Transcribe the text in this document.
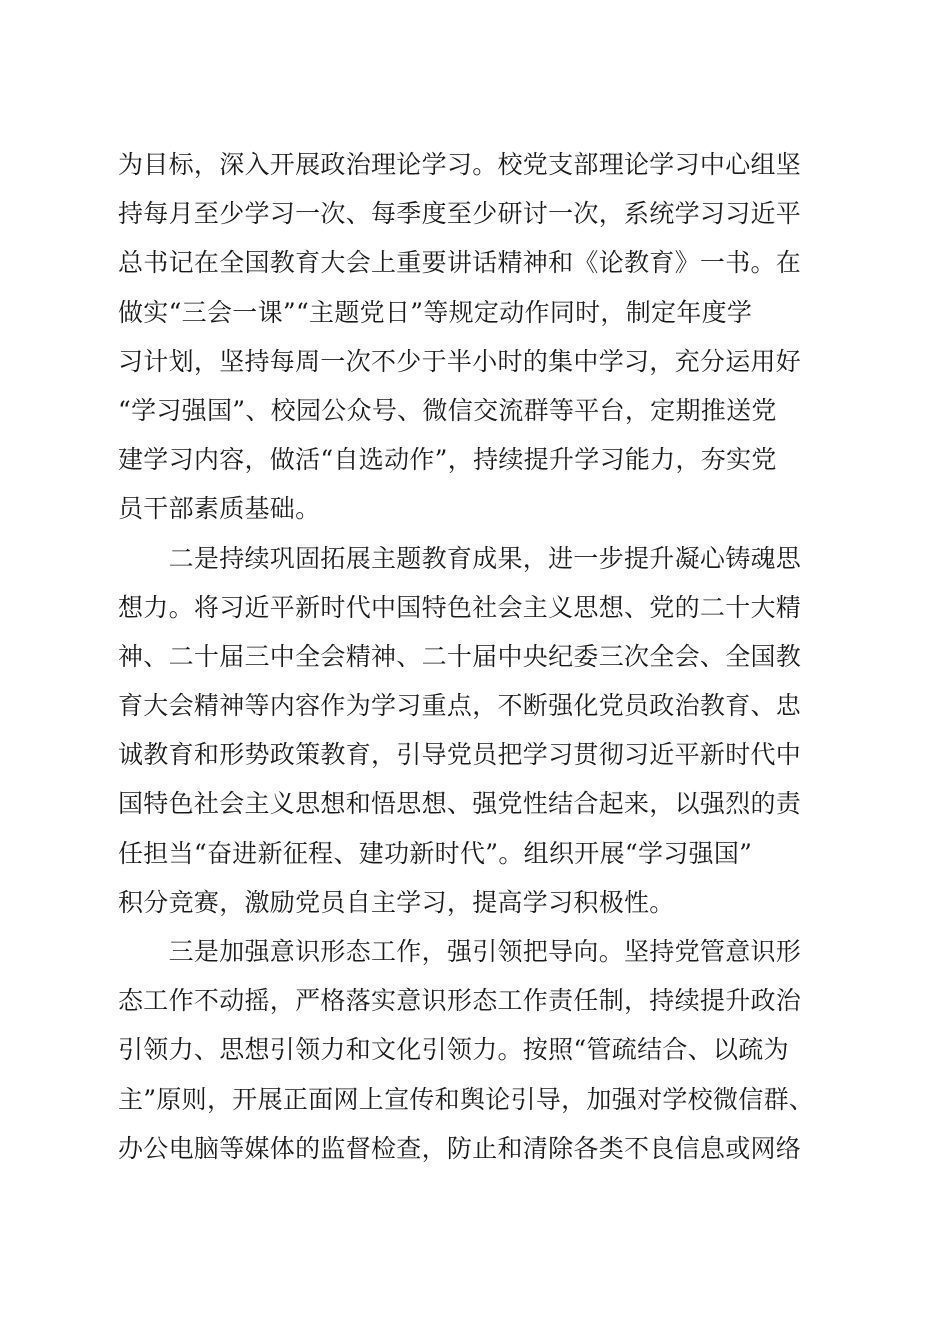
为目标，深入开展政治理论学习。校党支部理论学习中心组坚
持每月至少学习一次、每季度至少研讨一次，系统学习习近平
总书记在全国教育大会上重要讲话精神和《论教育》一书。在
做实“三会一课”“主题党日”等规定动作同时，制定年度学
习计划，坚持每周一次不少于半小时的集中学习，充分运用好
“学习强国”、校园公众号、微信交流群等平台，定期推送党
建学习内容，做活“自选动作”，持续提升学习能力，夯实党
员干部素质基础。
　　二是持续巩固拓展主题教育成果，进一步提升凝心铸魂思
想力。将习近平新时代中国特色社会主义思想、党的二十大精
神、二十届三中全会精神、二十届中央纪委三次全会、全国教
育大会精神等内容作为学习重点，不断强化党员政治教育、忠
诚教育和形势政策教育，引导党员把学习贯彻习近平新时代中
国特色社会主义思想和悟思想、强党性结合起来，以强烈的责
任担当“奋进新征程、建功新时代”。组织开展“学习强国”
积分竞赛，激励党员自主学习，提高学习积极性。
　　三是加强意识形态工作，强引领把导向。坚持党管意识形
态工作不动摇，严格落实意识形态工作责任制，持续提升政治
引领力、思想引领力和文化引领力。按照“管疏结合、以疏为
主”原则，开展正面网上宣传和舆论引导，加强对学校微信群、
办公电脑等媒体的监督检查，防止和清除各类不良信息或网络
